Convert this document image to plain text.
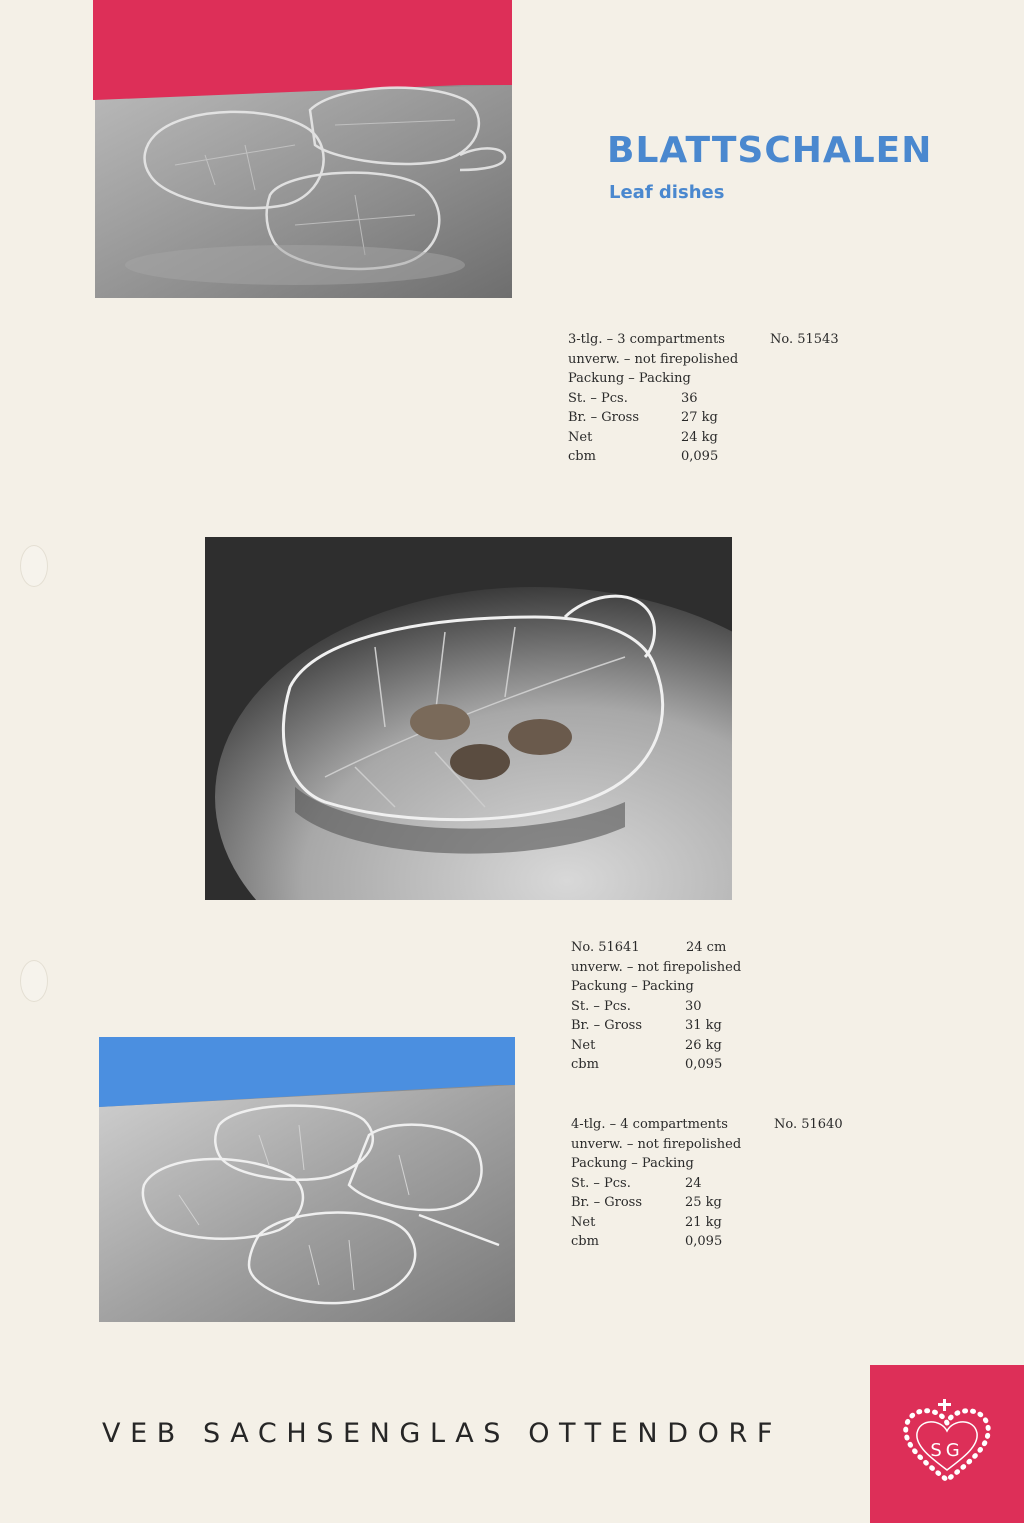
BLATTSCHALEN
Leaf dishes
3-tlg. – 3 compartments	No. 51543
unverw. – not firepolished
Packung – Packing
St. – Pcs.	36
Br. – Gross	27 kg
Net	24 kg
cbm	0,095
No. 51641	24 cm
unverw. – not firepolished
Packung – Packing
St. – Pcs.	30
Br. – Gross	31 kg
Net	26 kg
cbm	0,095
4-tlg. – 4 compartments	No. 51640
unverw. – not firepolished
Packung – Packing
St. – Pcs.	24
Br. – Gross	25 kg
Net	21 kg
cbm	0,095
VEB SACHSENGLAS OTTENDORF
SG
